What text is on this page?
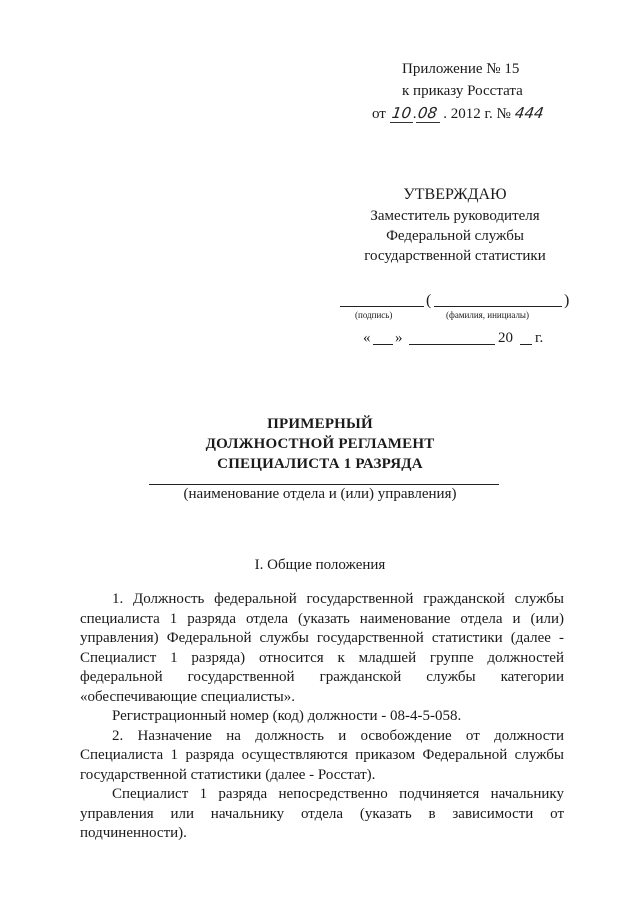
Приложение № 15
к приказу Росстата
от 10.08 . 2012 г. № 444
УТВЕРЖДАЮ
Заместитель руководителя
Федеральной службы
государственной статистики
(	)
(подпись)	(фамилия, инициалы)
« »	20 г.
ПРИМЕРНЫЙ
ДОЛЖНОСТНОЙ РЕГЛАМЕНТ
СПЕЦИАЛИСТА 1 РАЗРЯДА
(наименование отдела и (или) управления)
I. Общие положения

1. Должность федеральной государственной гражданской службы специалиста 1 разряда отдела (указать наименование отдела и (или) управления) Федеральной службы государственной статистики (далее - Специалист 1 разряда) относится к младшей группе должностей федеральной государственной гражданской службы категории «обеспечивающие специалисты».

Регистрационный номер (код) должности - 08-4-5-058.

2. Назначение на должность и освобождение от должности Специалиста 1 разряда осуществляются приказом Федеральной службы государственной статистики (далее - Росстат).

Специалист 1 разряда непосредственно подчиняется начальнику управления или начальнику отдела (указать в зависимости от подчиненности).
